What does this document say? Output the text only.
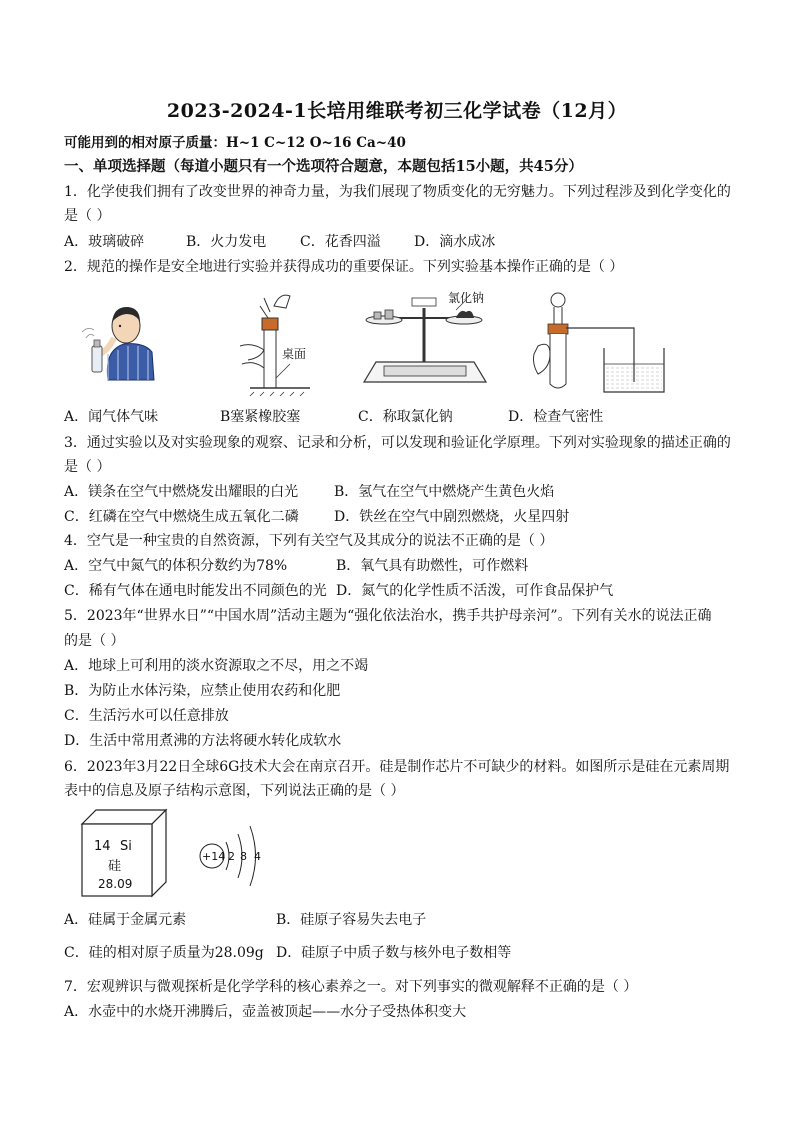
2023-2024-1长培用维联考初三化学试卷（12月）
可能用到的相对原子质量：H~1 C~12 O~16 Ca~40
一、单项选择题（每道小题只有一个选项符合题意，本题包括15小题，共45分）
1．化学使我们拥有了改变世界的神奇力量，为我们展现了物质变化的无穷魅力。下列过程涉及到化学变化的
是（ ）
A．玻璃破碎	B．火力发电 C．花香四溢 D．滴水成冰
2．规范的操作是安全地进行实验并获得成功的重要保证。下列实验基本操作正确的是（ ）
桌面
氯化钠
A．闻气体气味	B塞紧橡胶塞	C．称取氯化钠	D．检查气密性
3．通过实验以及对实验现象的观察、记录和分析，可以发现和验证化学原理。下列对实验现象的描述正确的
是（ ）
A．镁条在空气中燃烧发出耀眼的白光	B．氢气在空气中燃烧产生黄色火焰
C．红磷在空气中燃烧生成五氧化二磷	D．铁丝在空气中剧烈燃烧，火星四射
4．空气是一种宝贵的自然资源，下列有关空气及其成分的说法不正确的是（ ）
A．空气中氮气的体积分数约为78%	B．氧气具有助燃性，可作燃料
C．稀有气体在通电时能发出不同颜色的光 D．氮气的化学性质不活泼，可作食品保护气
5．2023年“世界水日”“中国水周”活动主题为“强化依法治水，携手共护母亲河”。下列有关水的说法正确
的是（ ）
A．地球上可利用的淡水资源取之不尽，用之不竭
B．为防止水体污染，应禁止使用农药和化肥
C．生活污水可以任意排放
D．生活中常用煮沸的方法将硬水转化成软水
6．2023年3月22日全球6G技术大会在南京召开。硅是制作芯片不可缺少的材料。如图所示是硅在元素周期
表中的信息及原子结构示意图，下列说法正确的是（ ）
14 Si
硅
28.09
+14 2 8 4
A．硅属于金属元素	B．硅原子容易失去电子
C．硅的相对原子质量为28.09g D．硅原子中质子数与核外电子数相等
7．宏观辨识与微观探析是化学学科的核心素养之一。对下列事实的微观解释不正确的是（ ）
A．水壶中的水烧开沸腾后，壶盖被顶起——水分子受热体积变大
